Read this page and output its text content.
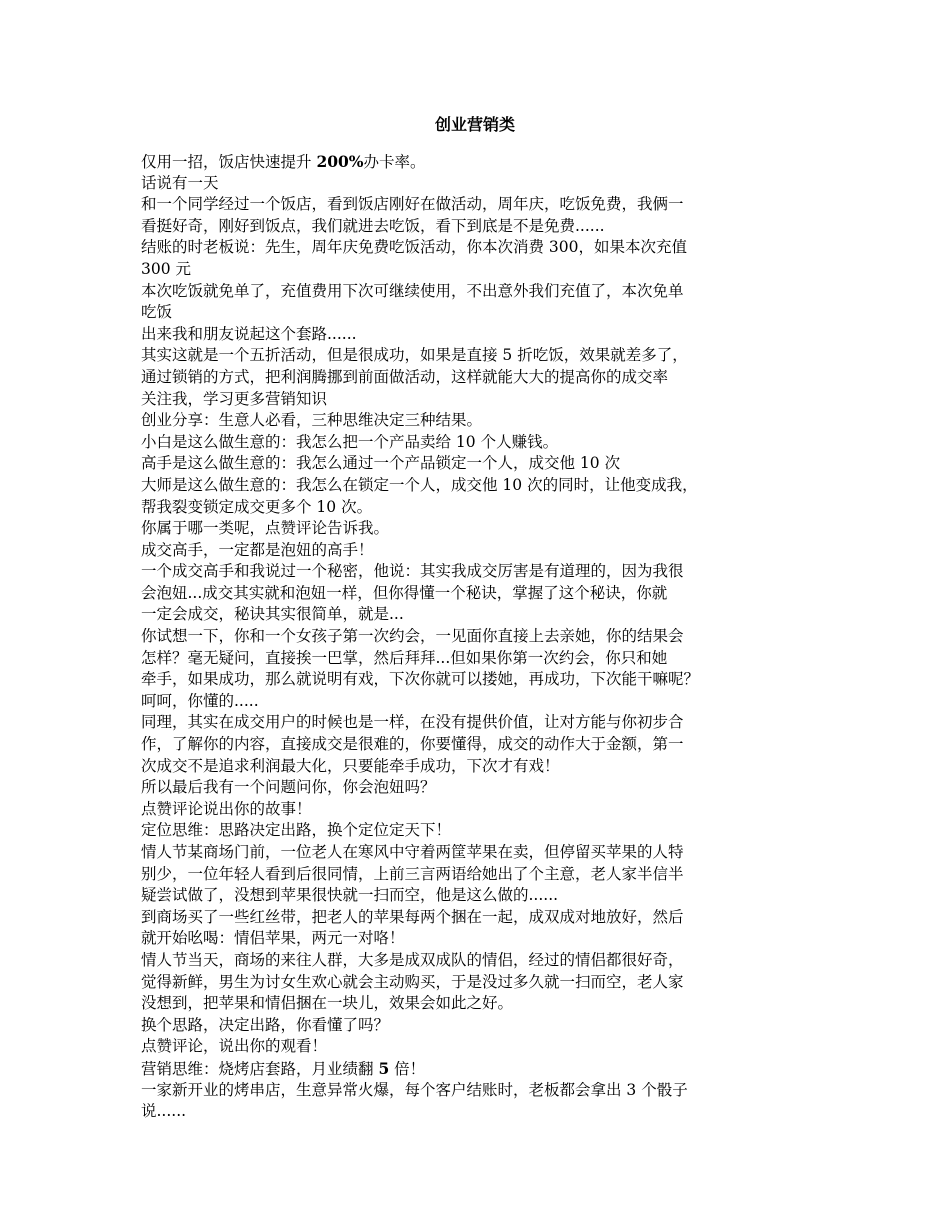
创业营销类
仅用一招，饭店快速提升 200%办卡率。
话说有一天
和一个同学经过一个饭店，看到饭店刚好在做活动，周年庆，吃饭免费，我俩一
看挺好奇，刚好到饭点，我们就进去吃饭，看下到底是不是免费......
结账的时老板说：先生，周年庆免费吃饭活动，你本次消费 300，如果本次充值
300 元
本次吃饭就免单了，充值费用下次可继续使用，不出意外我们充值了，本次免单
吃饭
出来我和朋友说起这个套路......
其实这就是一个五折活动，但是很成功，如果是直接 5 折吃饭，效果就差多了，
通过锁销的方式，把利润腾挪到前面做活动，这样就能大大的提高你的成交率
关注我，学习更多营销知识
创业分享：生意人必看，三种思维决定三种结果。
小白是这么做生意的：我怎么把一个产品卖给 10 个人赚钱。
高手是这么做生意的：我怎么通过一个产品锁定一个人，成交他 10 次
大师是这么做生意的：我怎么在锁定一个人，成交他 10 次的同时，让他变成我，
帮我裂变锁定成交更多个 10 次。
你属于哪一类呢，点赞评论告诉我。
成交高手，一定都是泡妞的高手！
一个成交高手和我说过一个秘密，他说：其实我成交厉害是有道理的，因为我很
会泡妞...成交其实就和泡妞一样，但你得懂一个秘诀，掌握了这个秘诀，你就
一定会成交，秘诀其实很简单，就是...
你试想一下，你和一个女孩子第一次约会，一见面你直接上去亲她，你的结果会
怎样？毫无疑问，直接挨一巴掌，然后拜拜...但如果你第一次约会，你只和她
牵手，如果成功，那么就说明有戏，下次你就可以搂她，再成功，下次能干嘛呢？
呵呵，你懂的.....
同理，其实在成交用户的时候也是一样，在没有提供价值，让对方能与你初步合
作，了解你的内容，直接成交是很难的，你要懂得，成交的动作大于金额，第一
次成交不是追求利润最大化，只要能牵手成功，下次才有戏！
所以最后我有一个问题问你，你会泡妞吗？
点赞评论说出你的故事！
定位思维：思路决定出路，换个定位定天下！
情人节某商场门前，一位老人在寒风中守着两筐苹果在卖，但停留买苹果的人特
别少，一位年轻人看到后很同情，上前三言两语给她出了个主意，老人家半信半
疑尝试做了，没想到苹果很快就一扫而空，他是这么做的......
到商场买了一些红丝带，把老人的苹果每两个捆在一起，成双成对地放好，然后
就开始吆喝：情侣苹果，两元一对咯！
情人节当天，商场的来往人群，大多是成双成队的情侣，经过的情侣都很好奇，
觉得新鲜，男生为讨女生欢心就会主动购买，于是没过多久就一扫而空，老人家
没想到，把苹果和情侣捆在一块儿，效果会如此之好。
换个思路，决定出路，你看懂了吗？
点赞评论，说出你的观看！
营销思维：烧烤店套路，月业绩翻 5 倍！
一家新开业的烤串店，生意异常火爆，每个客户结账时，老板都会拿出 3 个骰子
说......
